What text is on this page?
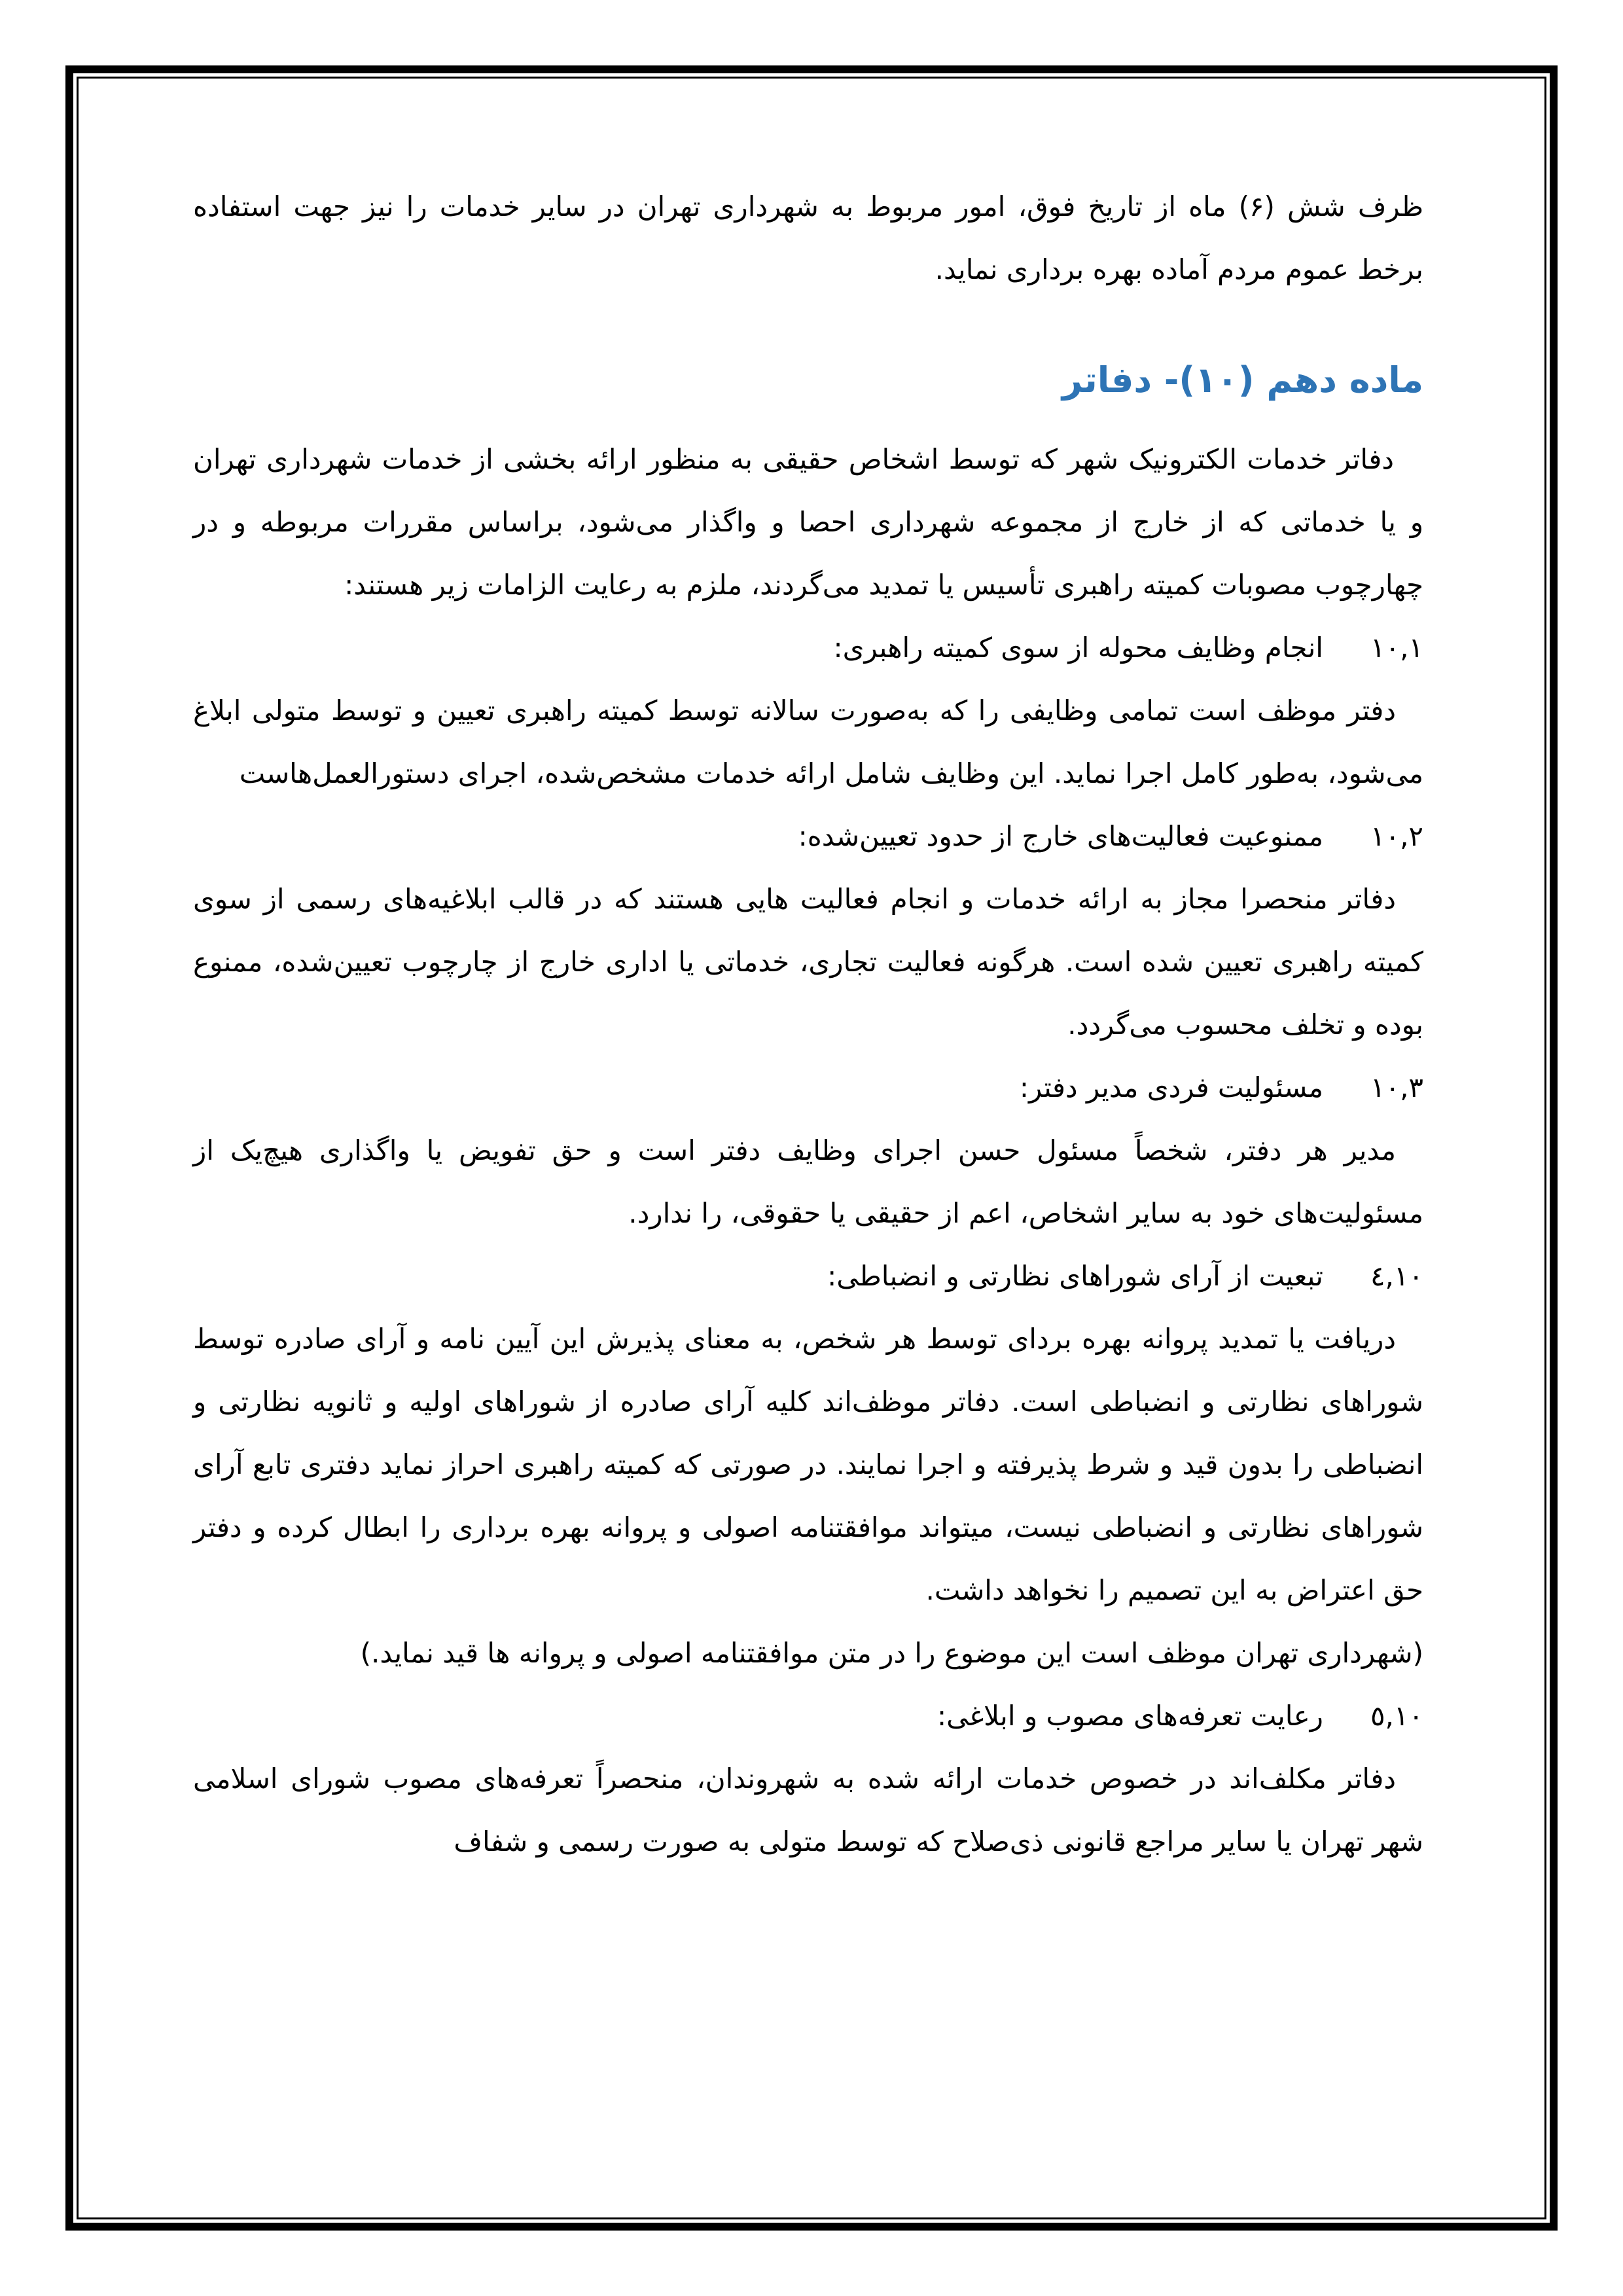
ظرف شش (۶) ماه از تاریخ فوق، امور مربوط به شهرداری تهران در سایر خدمات را نیز جهت استفاده برخط عموم مردم آماده بهره برداری نماید.

ماده دهم (۱۰)- دفاتر

دفاتر خدمات الکترونیک شهر که توسط اشخاص حقیقی به منظور ارائه بخشی از خدمات شهرداری تهران و یا خدماتی که از خارج از مجموعه شهرداری احصا و واگذار می‌شود، براساس مقررات مربوطه و در چهارچوب مصوبات کمیته راهبری تأسیس یا تمدید می‌گردند، ملزم به رعایت الزامات زیر هستند:

۱۰,۱
انجام وظایف محوله از سوی کمیته راهبری:

دفتر موظف است تمامی وظایفی را که به‌صورت سالانه توسط کمیته راهبری تعیین و توسط متولی ابلاغ می‌شود، به‌طور کامل اجرا نماید. این وظایف شامل ارائه خدمات مشخص‌شده، اجرای دستورالعمل‌هاست

۱۰,۲
ممنوعیت فعالیت‌های خارج از حدود تعیین‌شده:

دفاتر منحصرا مجاز به ارائه خدمات و انجام فعالیت هایی هستند که در قالب ابلاغیه‌های رسمی از سوی کمیته راهبری تعیین شده است. هرگونه فعالیت تجاری، خدماتی یا اداری خارج از چارچوب تعیین‌شده، ممنوع بوده و تخلف محسوب می‌گردد.

۱۰,۳
مسئولیت فردی مدیر دفتر:

مدیر هر دفتر، شخصاً مسئول حسن اجرای وظایف دفتر است و حق تفویض یا واگذاری هیچ‌یک از مسئولیت‌های خود به سایر اشخاص، اعم از حقیقی یا حقوقی، را ندارد.

۱۰,٤
تبعیت از آرای شوراهای نظارتی و انضباطی:

دریافت یا تمدید پروانه بهره بردای توسط هر شخص، به معنای پذیرش این آیین نامه و آرای صادره توسط شوراهای نظارتی و انضباطی است. دفاتر موظف‌اند کلیه آرای صادره از شوراهای اولیه و ثانویه نظارتی و انضباطی را بدون قید و شرط پذیرفته و اجرا نمایند. در صورتی که کمیته راهبری احراز نماید دفتری تابع آرای شوراهای نظارتی و انضباطی نیست، میتواند موافقتنامه اصولی و پروانه بهره برداری را ابطال کرده و دفتر حق اعتراض به این تصمیم را نخواهد داشت.

(شهرداری تهران موظف است این موضوع را در متن موافقتنامه اصولی و پروانه ها قید نماید.)

۱۰,٥
رعایت تعرفه‌های مصوب و ابلاغی:

دفاتر مکلف‌اند در خصوص خدمات ارائه شده به شهروندان، منحصراً تعرفه‌های مصوب شورای اسلامی شهر تهران یا سایر مراجع قانونی ذی‌صلاح که توسط متولی به صورت رسمی و شفاف
